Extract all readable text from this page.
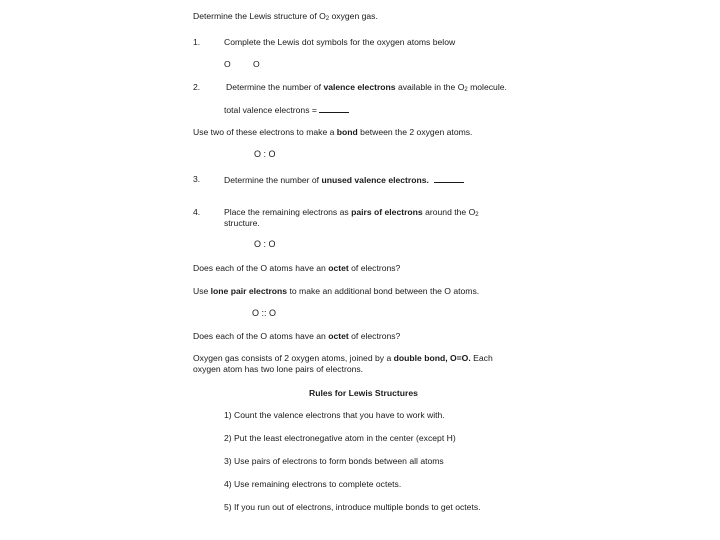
Determine the Lewis structure of $O_2$ oxygen gas.
1.	Complete the Lewis dot symbols for the oxygen atoms below
O	O
2.	Determine the number of valence electrons available in the $O_2$ molecule.
total valence electrons =
Use two of these electrons to make a bond between the 2 oxygen atoms.
O : O
3.	Determine the number of unused valence electrons.
4.	Place the remaining electrons as pairs of electrons around the $O_2$
structure.
O : O
Does each of the O atoms have an octet of electrons?
Use lone pair electrons to make an additional bond between the O atoms.
O :: O
Does each of the O atoms have an octet of electrons?
Oxygen gas consists of 2 oxygen atoms, joined by a double bond, O=O. Each
oxygen atom has two lone pairs of electrons.
Rules for Lewis Structures
1) Count the valence electrons that you have to work with.
2) Put the least electronegative atom in the center (except H)
3) Use pairs of electrons to form bonds between all atoms
4) Use remaining electrons to complete octets.
5) If you run out of electrons, introduce multiple bonds to get octets.
